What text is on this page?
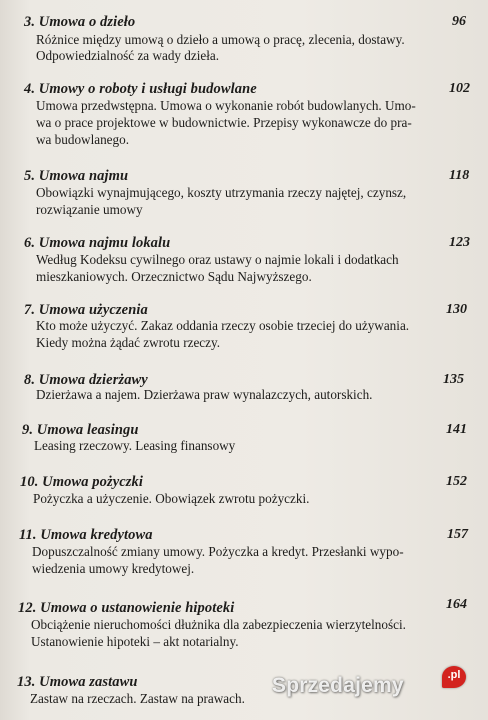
3. Umowa o dzieło	96
Różnice między umową o dzieło a umową o pracę, zlecenia, dostawy.
Odpowiedzialność za wady dzieła.
4. Umowy o roboty i usługi budowlane	102
Umowa przedwstępna. Umowa o wykonanie robót budowlanych. Umo-
wa o prace projektowe w budownictwie. Przepisy wykonawcze do pra-
wa budowlanego.
5. Umowa najmu	118
Obowiązki wynajmującego, koszty utrzymania rzeczy najętej, czynsz,
rozwiązanie umowy
6. Umowa najmu lokalu	123
Według Kodeksu cywilnego oraz ustawy o najmie lokali i dodatkach
mieszkaniowych. Orzecznictwo Sądu Najwyższego.
7. Umowa użyczenia	130
Kto może użyczyć. Zakaz oddania rzeczy osobie trzeciej do używania.
Kiedy można żądać zwrotu rzeczy.
8. Umowa dzierżawy	135
Dzierżawa a najem. Dzierżawa praw wynalazczych, autorskich.
9. Umowa leasingu	141
Leasing rzeczowy. Leasing finansowy
10. Umowa pożyczki	152
Pożyczka a użyczenie. Obowiązek zwrotu pożyczki.
11. Umowa kredytowa	157
Dopuszczalność zmiany umowy. Pożyczka a kredyt. Przesłanki wypo-
wiedzenia umowy kredytowej.
12. Umowa o ustanowienie hipoteki	164
Obciążenie nieruchomości dłużnika dla zabezpieczenia wierzytelności.
Ustanowienie hipoteki – akt notarialny.
13. Umowa zastawu
Zastaw na rzeczach. Zastaw na prawach.
Sprzedajemy	.pl
